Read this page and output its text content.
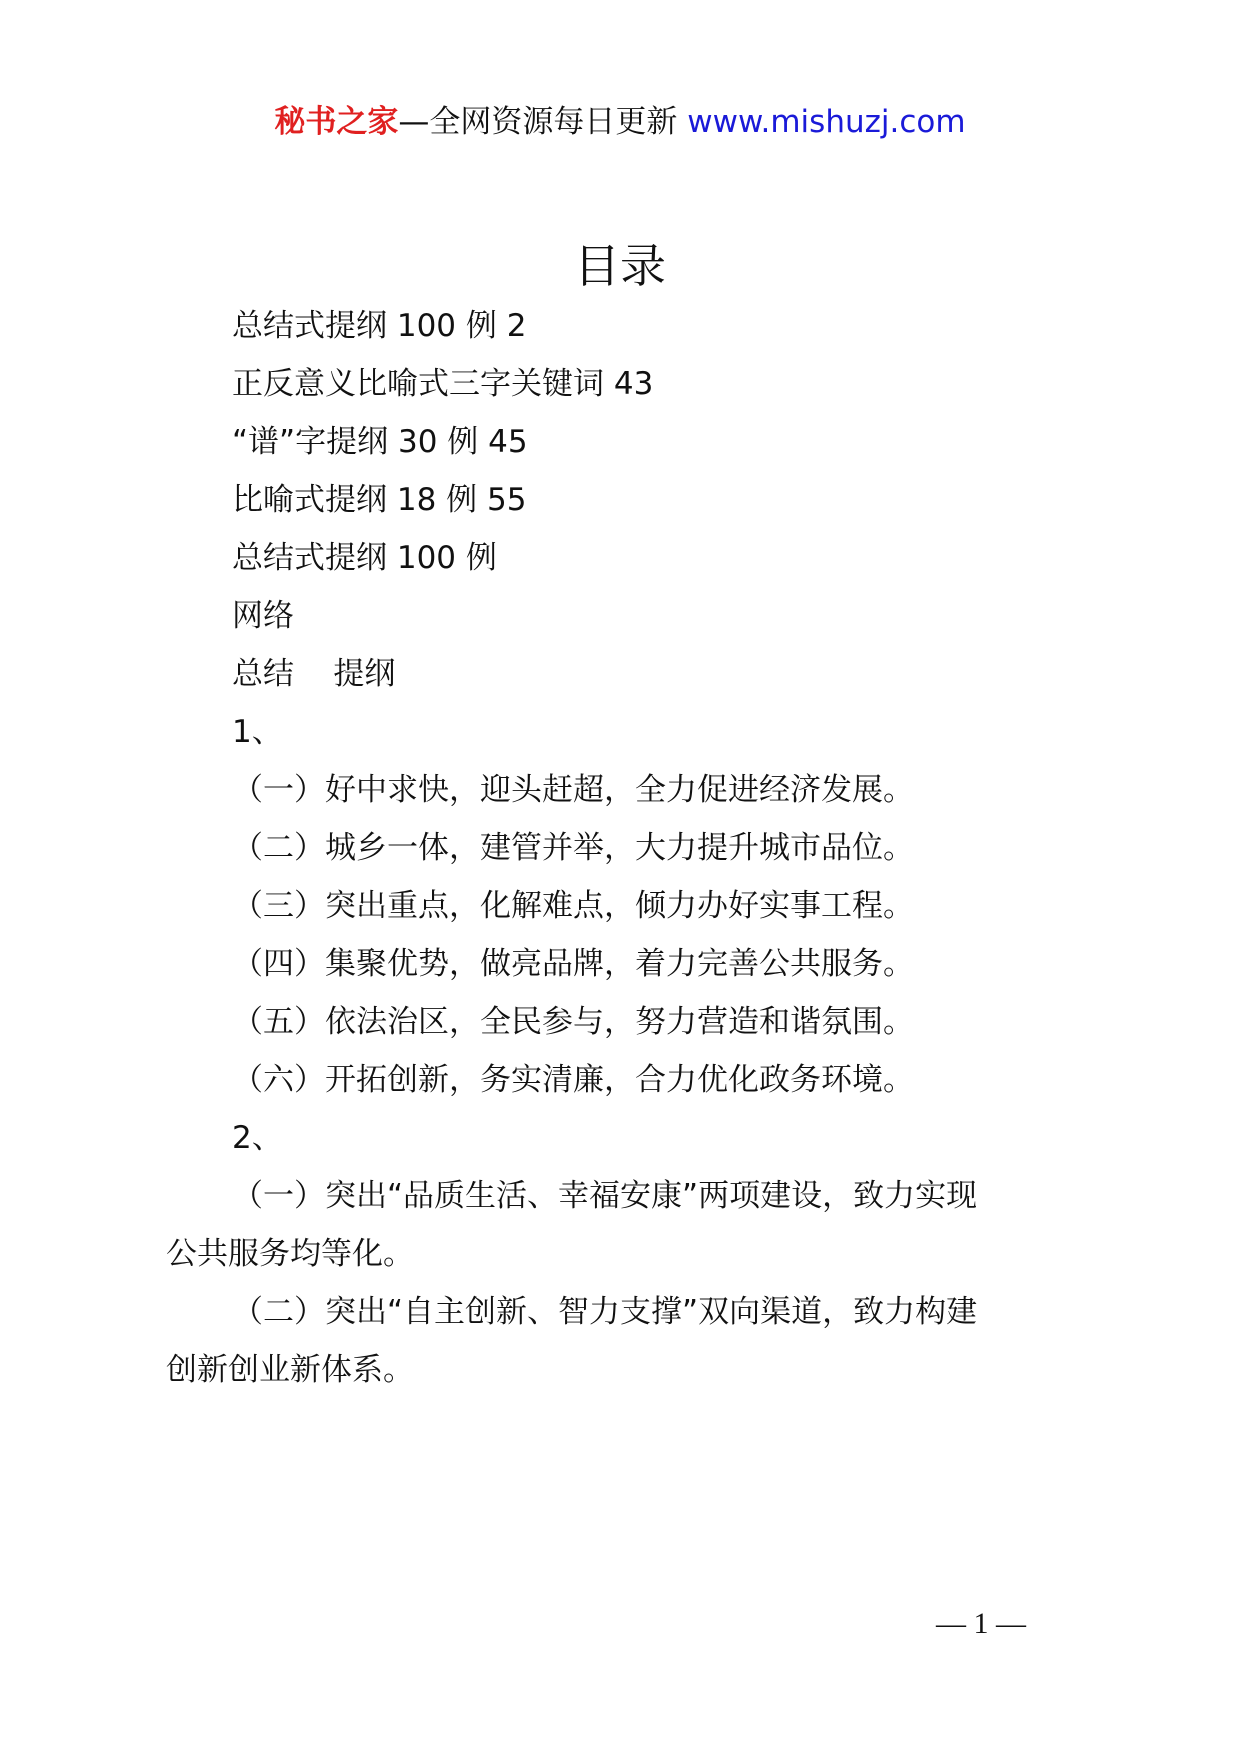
秘书之家—全网资源每日更新 www.mishuzj.com
目录
总结式提纲 100 例 2
正反意义比喻式三字关键词 43
“谱”字提纲 30 例 45
比喻式提纲 18 例 55
总结式提纲 100 例
网络
总结    提纲
1、
（一）好中求快，迎头赶超，全力促进经济发展。
（二）城乡一体，建管并举，大力提升城市品位。
（三）突出重点，化解难点，倾力办好实事工程。
（四）集聚优势，做亮品牌，着力完善公共服务。
（五）依法治区，全民参与，努力营造和谐氛围。
（六）开拓创新，务实清廉，合力优化政务环境。
2、
（一）突出“品质生活、幸福安康”两项建设，致力实现
公共服务均等化。
（二）突出“自主创新、智力支撑”双向渠道，致力构建
创新创业新体系。
— 1 —
